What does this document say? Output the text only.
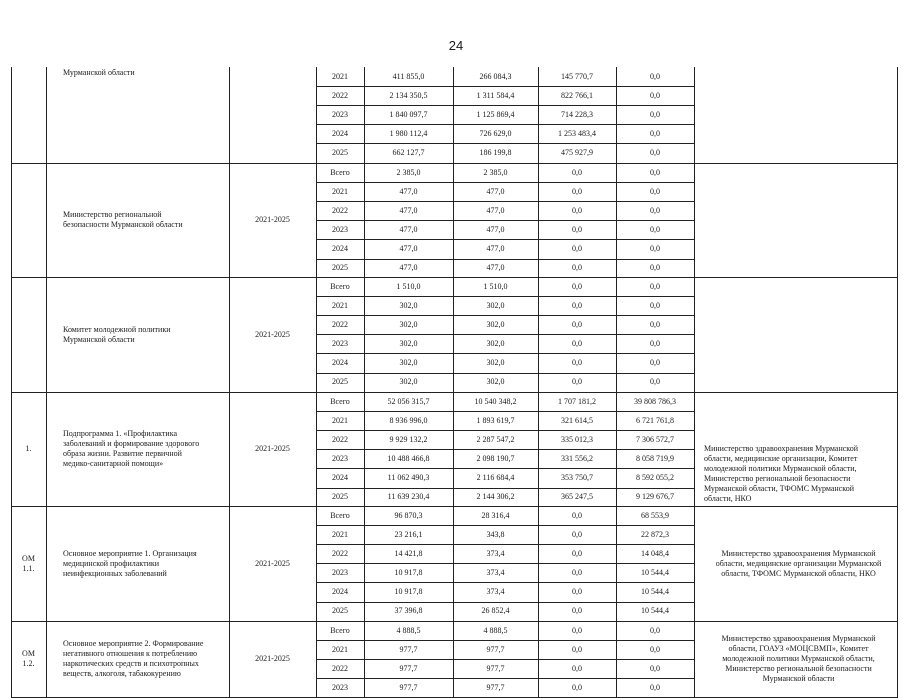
24
Мурманской области	2021	411 855,0	266 084,3	145 770,7	0,0
2022	2 134 350,5	1 311 584,4	822 766,1	0,0
2023	1 840 097,7	1 125 869,4	714 228,3	0,0
2024	1 980 112,4	726 629,0	1 253 483,4	0,0
2025	662 127,7	186 199,8	475 927,9	0,0
Министерство региональной
безопасности Мурманской области
2021-2025
Всего	2 385,0	2 385,0	0,0	0,0
2021	477,0	477,0	0,0	0,0
2022	477,0	477,0	0,0	0,0
2023	477,0	477,0	0,0	0,0
2024	477,0	477,0	0,0	0,0
2025	477,0	477,0	0,0	0,0
Комитет молодежной политики
Мурманской области
2021-2025
Всего	1 510,0	1 510,0	0,0	0,0
2021	302,0	302,0	0,0	0,0
2022	302,0	302,0	0,0	0,0
2023	302,0	302,0	0,0	0,0
2024	302,0	302,0	0,0	0,0
2025	302,0	302,0	0,0	0,0
1.
Подпрограмма 1. «Профилактика
заболеваний и формирование здорового
образа жизни. Развитие первичной
медико-санитарной помощи»
2021-2025
Всего	52 056 315,7	10 540 348,2	1 707 181,2	39 808 786,3
2021	8 936 996,0	1 893 619,7	321 614,5	6 721 761,8
2022	9 929 132,2	2 287 547,2	335 012,3	7 306 572,7
2023	10 488 466,8	2 098 190,7	331 556,2	8 058 719,9
2024	11 062 490,3	2 116 684,4	353 750,7	8 592 055,2
2025	11 639 230,4	2 144 306,2	365 247,5	9 129 676,7
Министерство здравоохранения Мурманской
области, медицинские организации, Комитет
молодежной политики Мурманской области,
Министерство региональной безопасности
Мурманской области, ТФОМС Мурманской
области, НКО
ОМ
1.1.
Основное мероприятие 1. Организация
медицинской профилактики
неинфекционных заболеваний
2021-2025
Всего	96 870,3	28 316,4	0,0	68 553,9
2021	23 216,1	343,8	0,0	22 872,3
2022	14 421,8	373,4	0,0	14 048,4
2023	10 917,8	373,4	0,0	10 544,4
2024	10 917,8	373,4	0,0	10 544,4
2025	37 396,8	26 852,4	0,0	10 544,4
Министерство здравоохранения Мурманской
области, медицинские организации Мурманской
области, ТФОМС Мурманской области, НКО
ОМ
1.2.
Основное мероприятие 2. Формирование
негативного отношения к потреблению
наркотических средств и психотропных
веществ, алкоголя, табакокурению
2021-2025
Всего	4 888,5	4 888,5	0,0	0,0
2021	977,7	977,7	0,0	0,0
2022	977,7	977,7	0,0	0,0
2023	977,7	977,7	0,0	0,0
Министерство здравоохранения Мурманской
области, ГОАУЗ «МОЦСВМП», Комитет
молодежной политики Мурманской области,
Министерство региональной безопасности
Мурманской области
